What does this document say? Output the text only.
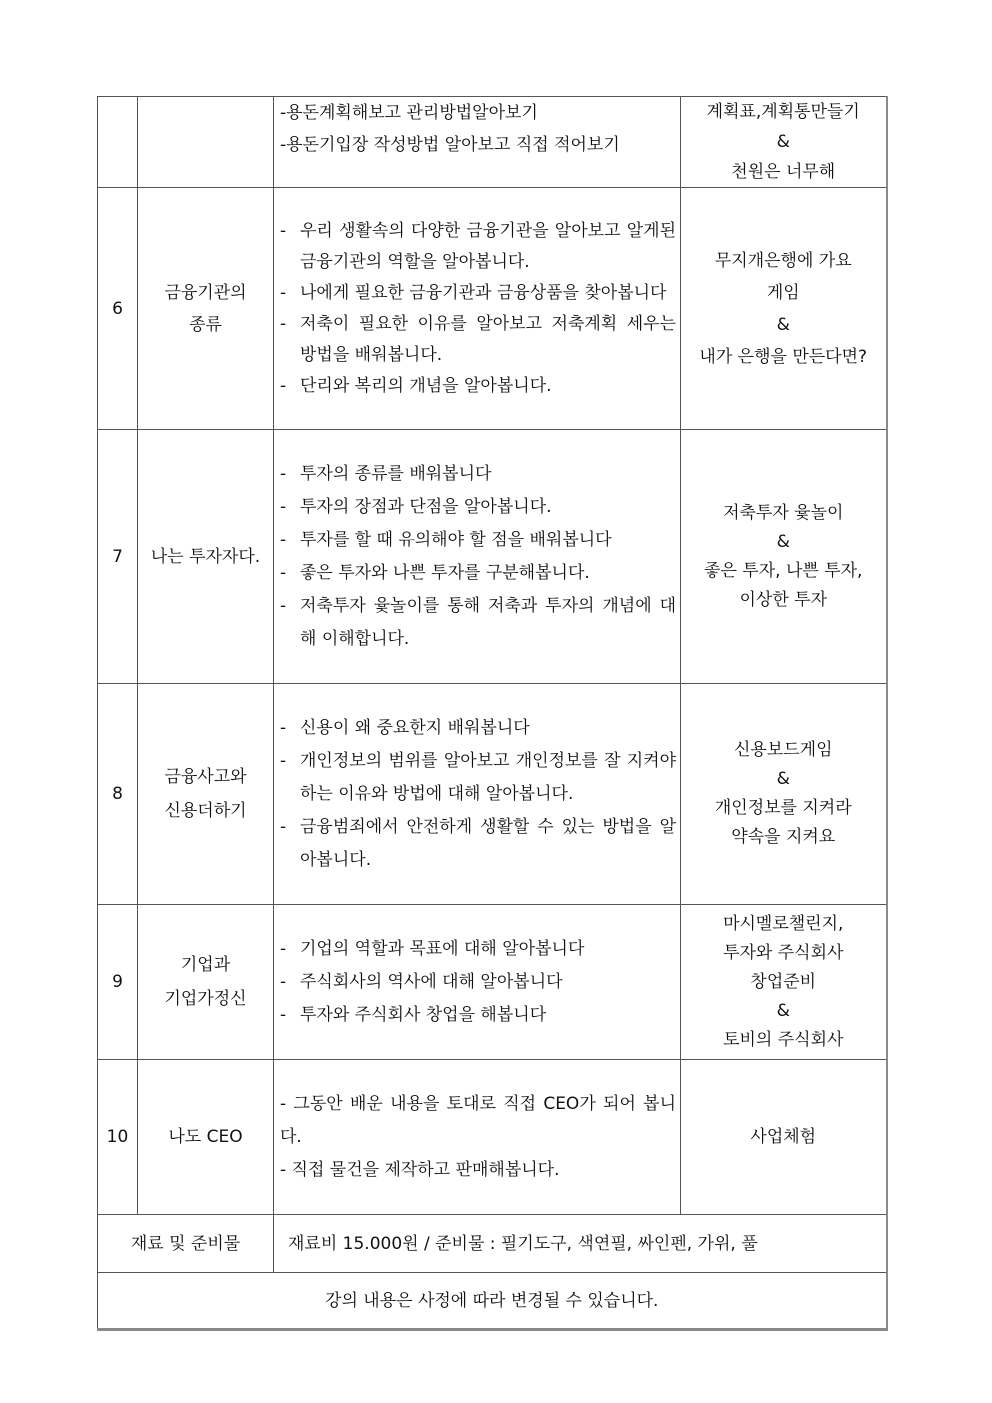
		-용돈계획해보고 관리방법알아보기
-용돈기입장 작성방법 알아보고 직접 적어보기	계획표,계획통만들기
&
천원은 너무해

6	금융기관의
종류	- 우리 생활속의 다양한 금융기관을 알아보고 알게된 금융기관의 역할을 알아봅니다.
- 나에게 필요한 금융기관과 금융상품을 찾아봅니다
- 저축이 필요한 이유를 알아보고 저축계획 세우는 방법을 배워봅니다.
- 단리와 복리의 개념을 알아봅니다.	무지개은행에 가요
게임
&
내가 은행을 만든다면?

7	나는 투자자다.	- 투자의 종류를 배워봅니다
- 투자의 장점과 단점을 알아봅니다.
- 투자를 할 때 유의해야 할 점을 배워봅니다
- 좋은 투자와 나쁜 투자를 구분해봅니다.
- 저축투자 윷놀이를 통해 저축과 투자의 개념에 대해 이해합니다.	저축투자 윷놀이
&
좋은 투자, 나쁜 투자,
이상한 투자

8	금융사고와
신용더하기	- 신용이 왜 중요한지 배워봅니다
- 개인정보의 범위를 알아보고 개인정보를 잘 지켜야 하는 이유와 방법에 대해 알아봅니다.
- 금융범죄에서 안전하게 생활할 수 있는 방법을 알아봅니다.	신용보드게임
&
개인정보를 지켜라
약속을 지켜요

9	기업과
기업가정신	- 기업의 역할과 목표에 대해 알아봅니다
- 주식회사의 역사에 대해 알아봅니다
- 투자와 주식회사 창업을 해봅니다	마시멜로챌린지,
투자와 주식회사
창업준비
&
토비의 주식회사

10	나도 CEO	- 그동안 배운 내용을 토대로 직접 CEO가 되어 봅니다.
- 직접 물건을 제작하고 판매해봅니다.	사업체험

재료 및 준비물		재료비 15.000원 / 준비물 : 필기도구, 색연필, 싸인펜, 가위, 풀	
강의 내용은 사정에 따라 변경될 수 있습니다.			
